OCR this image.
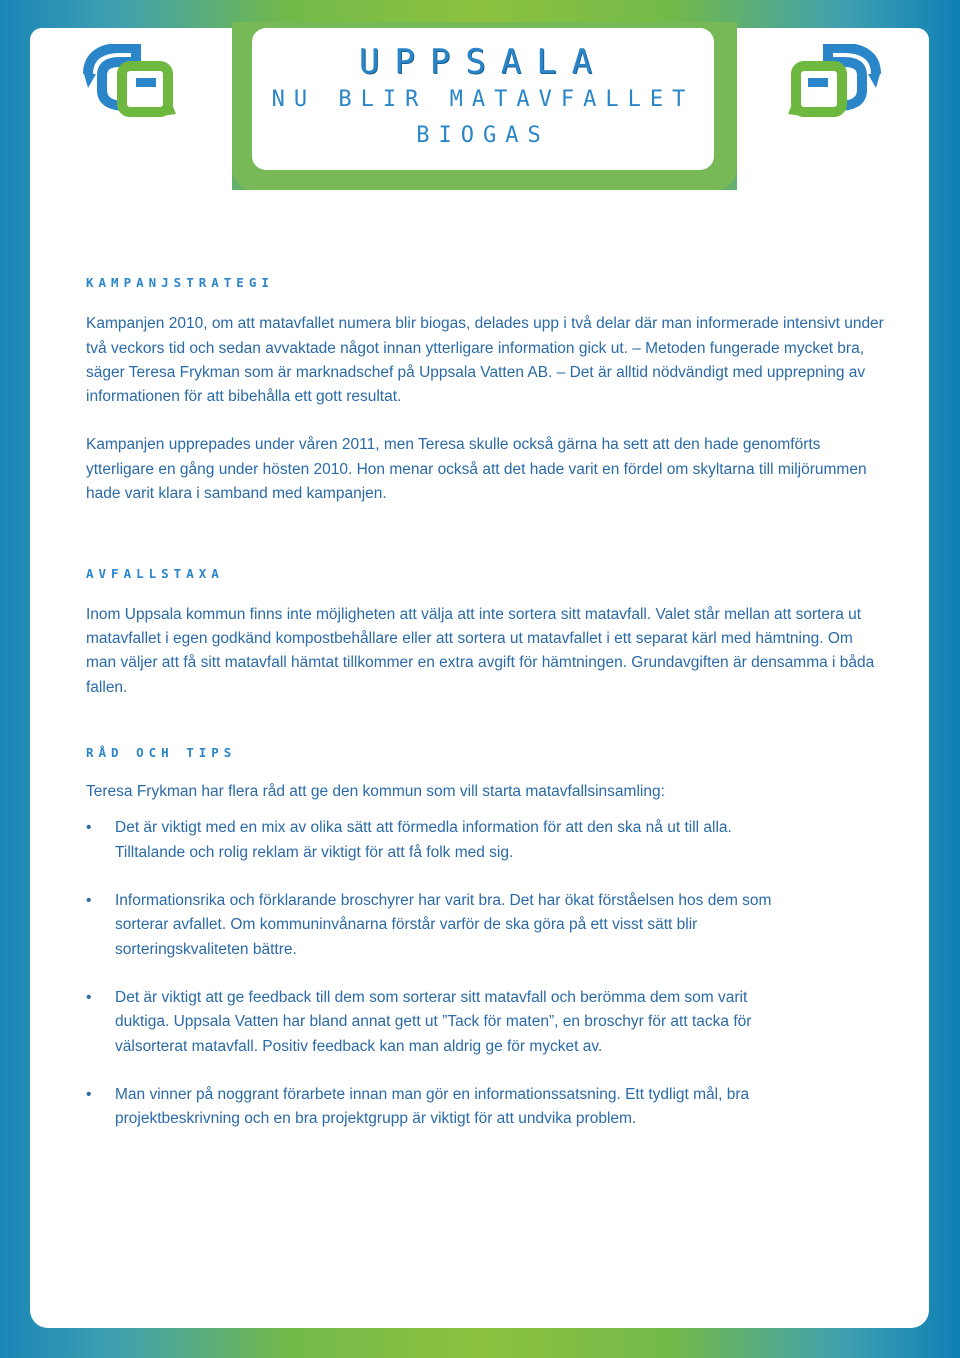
UPPSALA
NU BLIR MATAVFALLET
BIOGAS
KAMPANJSTRATEGI

Kampanjen 2010, om att matavfallet numera blir biogas, delades upp i två delar där man informerade intensivt under två veckors tid och sedan avvaktade något innan ytterligare information gick ut. – Metoden fungerade mycket bra, säger Teresa Frykman som är marknadschef på Uppsala Vatten AB. – Det är alltid nödvändigt med upprepning av informationen för att bibehålla ett gott resultat.

Kampanjen upprepades under våren 2011, men Teresa skulle också gärna ha sett att den hade genomförts ytterligare en gång under hösten 2010. Hon menar också att det hade varit en fördel om skyltarna till miljörummen hade varit klara i samband med kampanjen.

AVFALLSTAXA

Inom Uppsala kommun finns inte möjligheten att välja att inte sortera sitt matavfall. Valet står mellan att sortera ut matavfallet i egen godkänd kompostbehållare eller att sortera ut matavfallet i ett separat kärl med hämtning. Om man väljer att få sitt matavfall hämtat tillkommer en extra avgift för hämtningen. Grundavgiften är densamma i båda fallen.

RÅD OCH TIPS

Teresa Frykman har flera råd att ge den kommun som vill starta matavfallsinsamling:

• Det är viktigt med en mix av olika sätt att förmedla information för att den ska nå ut till alla. Tilltalande och rolig reklam är viktigt för att få folk med sig.
• Informationsrika och förklarande broschyrer har varit bra. Det har ökat förståelsen hos dem som sorterar avfallet. Om kommuninvånarna förstår varför de ska göra på ett visst sätt blir sorteringskvaliteten bättre.
• Det är viktigt att ge feedback till dem som sorterar sitt matavfall och berömma dem som varit duktiga. Uppsala Vatten har bland annat gett ut ”Tack för maten”, en broschyr för att tacka för välsorterat matavfall. Positiv feedback kan man aldrig ge för mycket av.
• Man vinner på noggrant förarbete innan man gör en informationssatsning. Ett tydligt mål, bra projektbeskrivning och en bra projektgrupp är viktigt för att undvika problem.
